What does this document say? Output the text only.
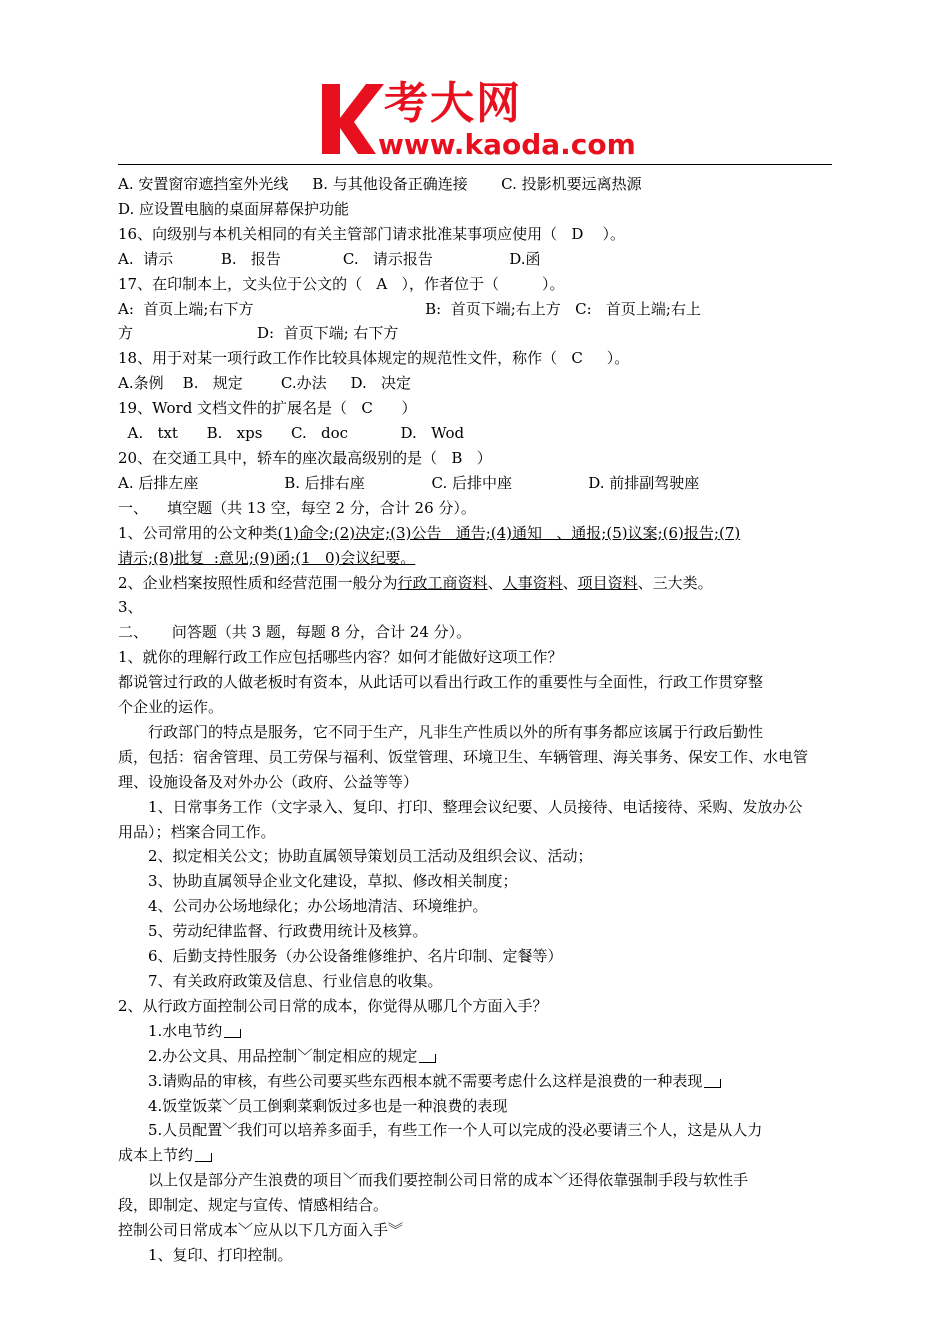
考大网
www.kaoda.com
A. 安置窗帘遮挡室外光线     B. 与其他设备正确连接       C. 投影机要远离热源
D. 应设置电脑的桌面屏幕保护功能
16、向级别与本机关相同的有关主管部门请求批准某事项应使用（   D    ）。
A.  请示          B.   报告             C.   请示报告                D.函
17、在印制本上，文头位于公文的（   A   ），作者位于（         ）。
A:  首页上端;右下方                                    B:  首页下端;右上方   C:   首页上端;右上
方                          D:  首页下端; 右下方
18、用于对某一项行政工作作比较具体规定的规范性文件，称作（   C     ）。
A.条例    B.   规定        C.办法     D.   决定
19、Word 文档文件的扩展名是（   C      ）
A.   txt      B.   xps      C.   doc           D.   Wod
20、在交通工具中，轿车的座次最高级别的是（   B   ）
A. 后排左座                  B. 后排右座              C. 后排中座                D. 前排副驾驶座
一、    填空题（共 13 空，每空 2 分，合计 26 分）。
1、公司常用的公文种类(1)命令;(2)决定;(3)公告   通告;(4)通知   、通报;(5)议案;(6)报告;(7)
请示;(8)批复  :意见;(9)函;(1   0)会议纪要。
2、企业档案按照性质和经营范围一般分为行政工商资料、人事资料、项目资料、三大类。
3、
二、     问答题（共 3 题，每题 8 分，合计 24 分）。
1、就你的理解行政工作应包括哪些内容？如何才能做好这项工作？
都说管过行政的人做老板时有资本，从此话可以看出行政工作的重要性与全面性，行政工作贯穿整
个企业的运作。
行政部门的特点是服务，它不同于生产，凡非生产性质以外的所有事务都应该属于行政后勤性
质，包括：宿舍管理、员工劳保与福利、饭堂管理、环境卫生、车辆管理、海关事务、保安工作、水电管
理、设施设备及对外办公（政府、公益等等）
1、日常事务工作（文字录入、复印、打印、整理会议纪要、人员接待、电话接待、采购、发放办公
用品）；档案合同工作。
2、拟定相关公文；协助直属领导策划员工活动及组织会议、活动；
3、协助直属领导企业文化建设，草拟、修改相关制度；
4、公司办公场地绿化；办公场地清洁、环境维护。
5、劳动纪律监督、行政费用统计及核算。
6、后勤支持性服务（办公设备维修维护、名片印制、定餐等）
7、有关政府政策及信息、行业信息的收集。
2、从行政方面控制公司日常的成本，你觉得从哪几个方面入手？
1.水电节约
2.办公文具、用品控制﹀制定相应的规定
3.请购品的审核，有些公司要买些东西根本就不需要考虑什么这样是浪费的一种表现
4.饭堂饭菜﹀员工倒剩菜剩饭过多也是一种浪费的表现
5.人员配置﹀我们可以培养多面手，有些工作一个人可以完成的没必要请三个人，这是从人力
成本上节约
以上仅是部分产生浪费的项目﹀而我们要控制公司日常的成本﹀还得依靠强制手段与软性手
段，即制定、规定与宣传、情感相结合。
控制公司日常成本﹀应从以下几方面入手︾
1、复印、打印控制。
